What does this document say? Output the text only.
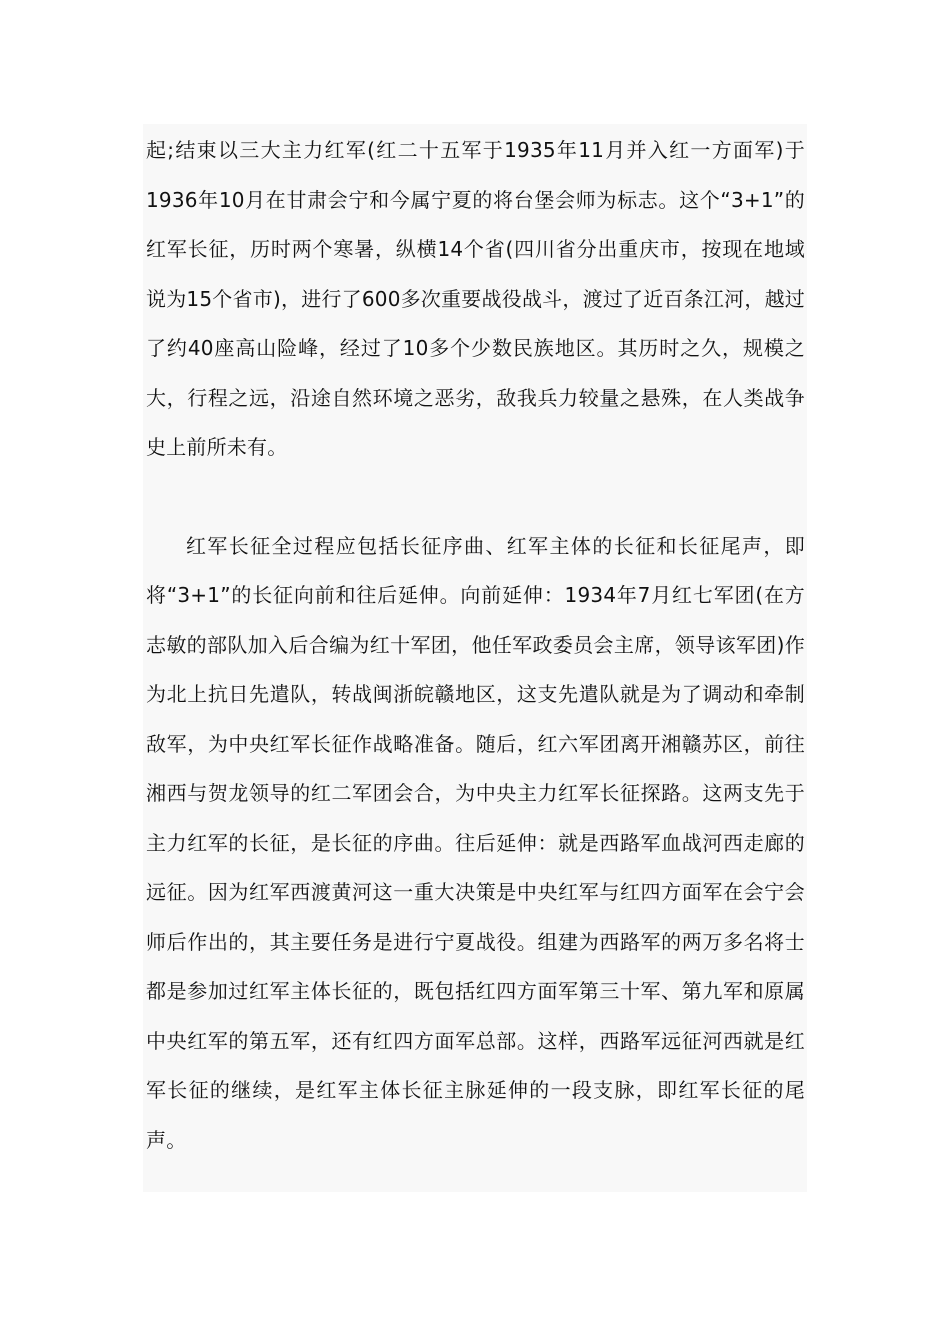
起;结束以三大主力红军(红二十五军于1935年11月并入红一方面军)于1936年10月在甘肃会宁和今属宁夏的将台堡会师为标志。这个“3+1”的红军长征，历时两个寒暑，纵横14个省(四川省分出重庆市，按现在地域说为15个省市)，进行了600多次重要战役战斗，渡过了近百条江河，越过了约40座高山险峰，经过了10多个少数民族地区。其历时之久，规模之大，行程之远，沿途自然环境之恶劣，敌我兵力较量之悬殊，在人类战争史上前所未有。

红军长征全过程应包括长征序曲、红军主体的长征和长征尾声，即将“3+1”的长征向前和往后延伸。向前延伸：1934年7月红七军团(在方志敏的部队加入后合编为红十军团，他任军政委员会主席，领导该军团)作为北上抗日先遣队，转战闽浙皖赣地区，这支先遣队就是为了调动和牵制敌军，为中央红军长征作战略准备。随后，红六军团离开湘赣苏区，前往湘西与贺龙领导的红二军团会合，为中央主力红军长征探路。这两支先于主力红军的长征，是长征的序曲。往后延伸：就是西路军血战河西走廊的远征。因为红军西渡黄河这一重大决策是中央红军与红四方面军在会宁会师后作出的，其主要任务是进行宁夏战役。组建为西路军的两万多名将士都是参加过红军主体长征的，既包括红四方面军第三十军、第九军和原属中央红军的第五军，还有红四方面军总部。这样，西路军远征河西就是红军长征的继续，是红军主体长征主脉延伸的一段支脉，即红军长征的尾声。
